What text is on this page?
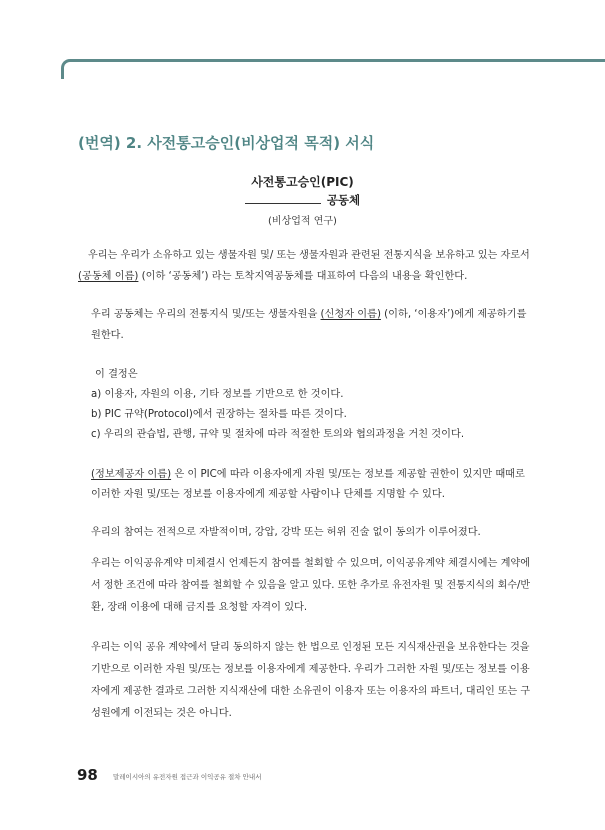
(번역) 2. 사전통고승인(비상업적 목적) 서식
사전통고승인(PIC)
공동체
(비상업적 연구)
우리는 우리가 소유하고 있는 생물자원 및/ 또는 생물자원과 관련된 전통지식을 보유하고 있는 자로서
(공동체 이름) (이하 ‘공동체’) 라는 토착지역공동체를 대표하여 다음의 내용을 확인한다.
우리 공동체는 우리의 전통지식 및/또는 생물자원을 (신청자 이름) (이하, ‘이용자’)에게 제공하기를
원한다.
이 결정은
a) 이용자, 자원의 이용, 기타 정보를 기반으로 한 것이다.
b) PIC 규약(Protocol)에서 권장하는 절차를 따른 것이다.
c) 우리의 관습법, 관행, 규약 및 절차에 따라 적절한 토의와 협의과정을 거친 것이다.
(정보제공자 이름) 은 이 PIC에 따라 이용자에게 자원 및/또는 정보를 제공할 권한이 있지만 때때로
이러한 자원 및/또는 정보를 이용자에게 제공할 사람이나 단체를 지명할 수 있다.
우리의 참여는 전적으로 자발적이며, 강압, 강박 또는 허위 진술 없이 동의가 이루어졌다.
우리는 이익공유계약 미체결시 언제든지 참여를 철회할 수 있으며, 이익공유계약 체결시에는 계약에
서 정한 조건에 따라 참여를 철회할 수 있음을 알고 있다. 또한 추가로 유전자원 및 전통지식의 회수/반
환, 장래 이용에 대해 금지를 요청할 자격이 있다.
우리는 이익 공유 계약에서 달리 동의하지 않는 한 법으로 인정된 모든 지식재산권을 보유한다는 것을
기반으로 이러한 자원 및/또는 정보를 이용자에게 제공한다. 우리가 그러한 자원 및/또는 정보를 이용
자에게 제공한 결과로 그러한 지식재산에 대한 소유권이 이용자 또는 이용자의 파트너, 대리인 또는 구
성원에게 이전되는 것은 아니다.
98 말레이시아의 유전자원 접근과 이익공유 절차 안내서
